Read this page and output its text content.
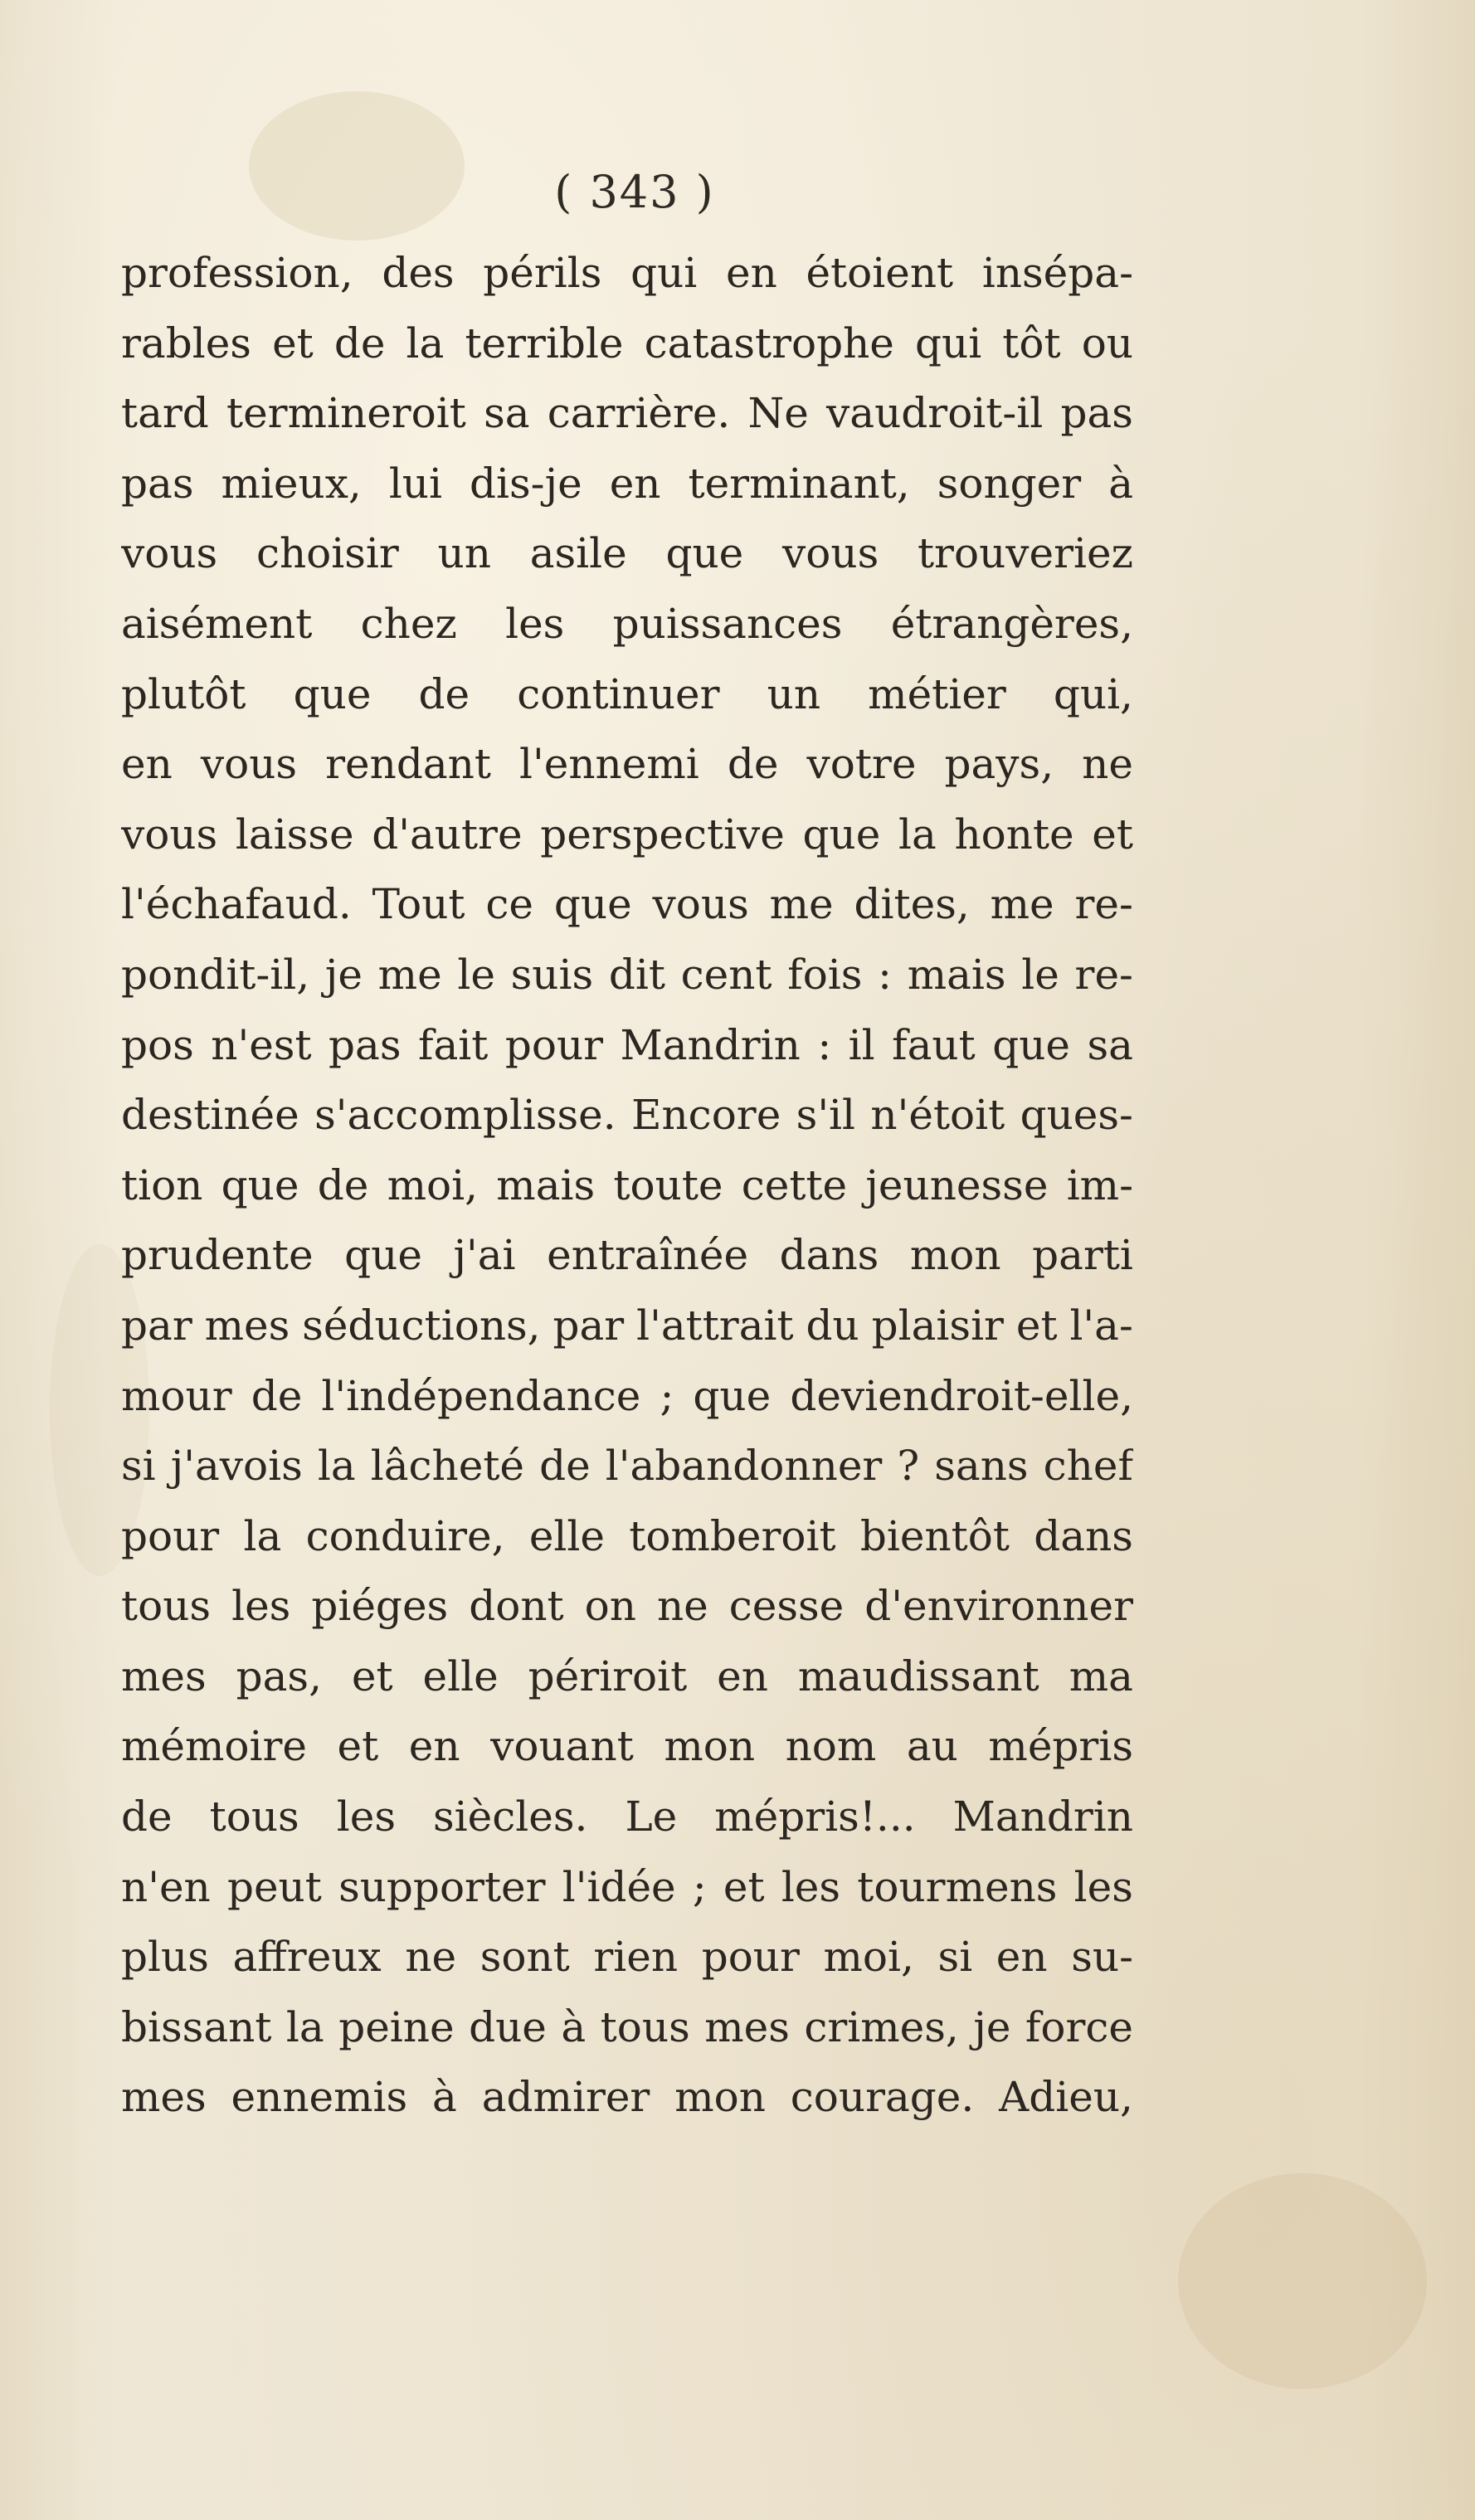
( 343 )
profession, des périls qui en étoient insépa-
rables et de la terrible catastrophe qui tôt ou
tard termineroit sa carrière. Ne vaudroit-il pas
pas mieux, lui dis-je en terminant, songer à
vous choisir un asile que vous trouveriez
aisément chez les puissances étrangères,
plutôt que de continuer un métier qui,
en vous rendant l'ennemi de votre pays, ne
vous laisse d'autre perspective que la honte et
l'échafaud. Tout ce que vous me dites, me re-
pondit-il, je me le suis dit cent fois : mais le re-
pos n'est pas fait pour Mandrin : il faut que sa
destinée s'accomplisse. Encore s'il n'étoit ques-
tion que de moi, mais toute cette jeunesse im-
prudente que j'ai entraînée dans mon parti
par mes séductions, par l'attrait du plaisir et l'a-
mour de l'indépendance ; que deviendroit-elle,
si j'avois la lâcheté de l'abandonner ? sans chef
pour la conduire, elle tomberoit bientôt dans
tous les piéges dont on ne cesse d'environner
mes pas, et elle périroit en maudissant ma
mémoire et en vouant mon nom au mépris
de tous les siècles. Le mépris!... Mandrin
n'en peut supporter l'idée ; et les tourmens les
plus affreux ne sont rien pour moi, si en su-
bissant la peine due à tous mes crimes, je force
mes ennemis à admirer mon courage. Adieu,
